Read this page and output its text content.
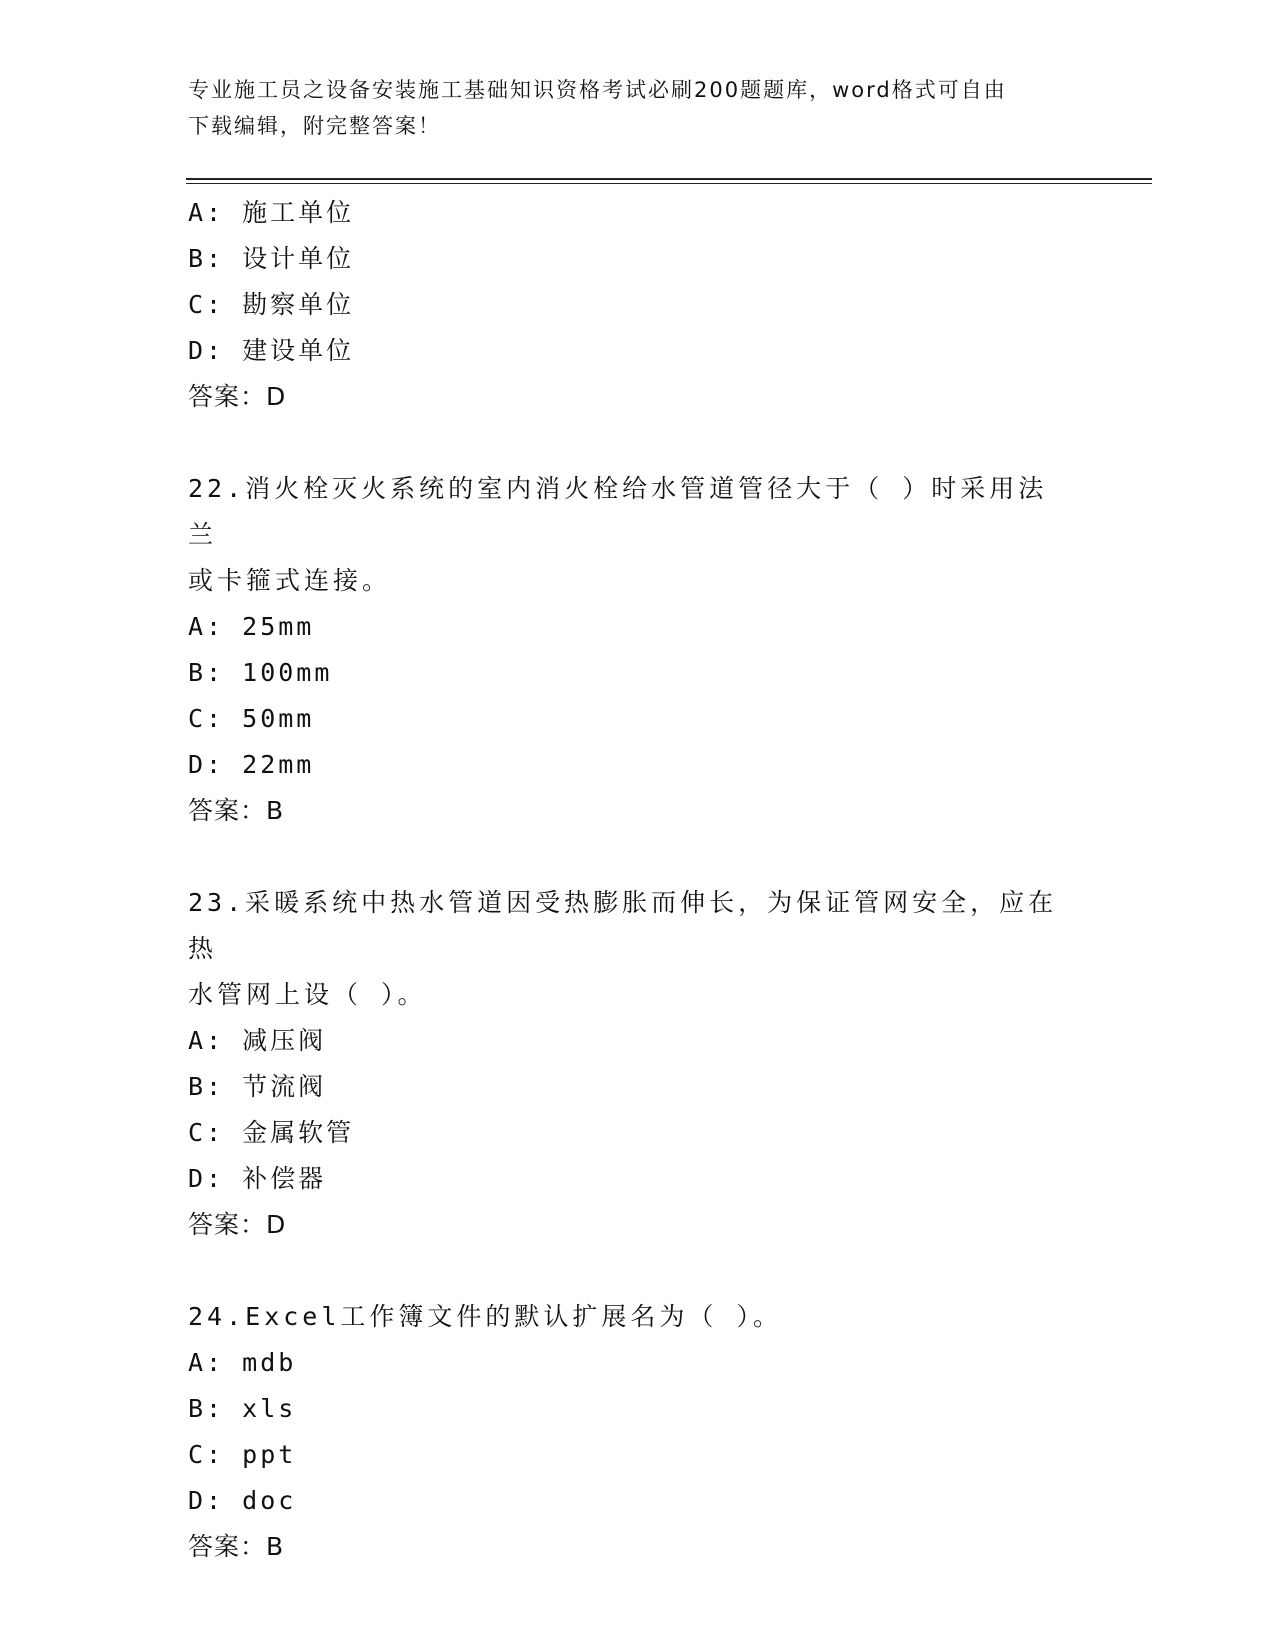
专业施工员之设备安装施工基础知识资格考试必刷200题题库，word格式可自由
下载编辑，附完整答案！
A: 施工单位
B: 设计单位
C: 勘察单位
D: 建设单位
答案：D
22.消火栓灭火系统的室内消火栓给水管道管径大于（ ）时采用法兰
或卡箍式连接。
A: 25mm
B: 100mm
C: 50mm
D: 22mm
答案：B
23.采暖系统中热水管道因受热膨胀而伸长，为保证管网安全，应在热
水管网上设（ ）。
A: 减压阀
B: 节流阀
C: 金属软管
D: 补偿器
答案：D
24.Excel工作簿文件的默认扩展名为（ ）。
A: mdb
B: xls
C: ppt
D: doc
答案：B
